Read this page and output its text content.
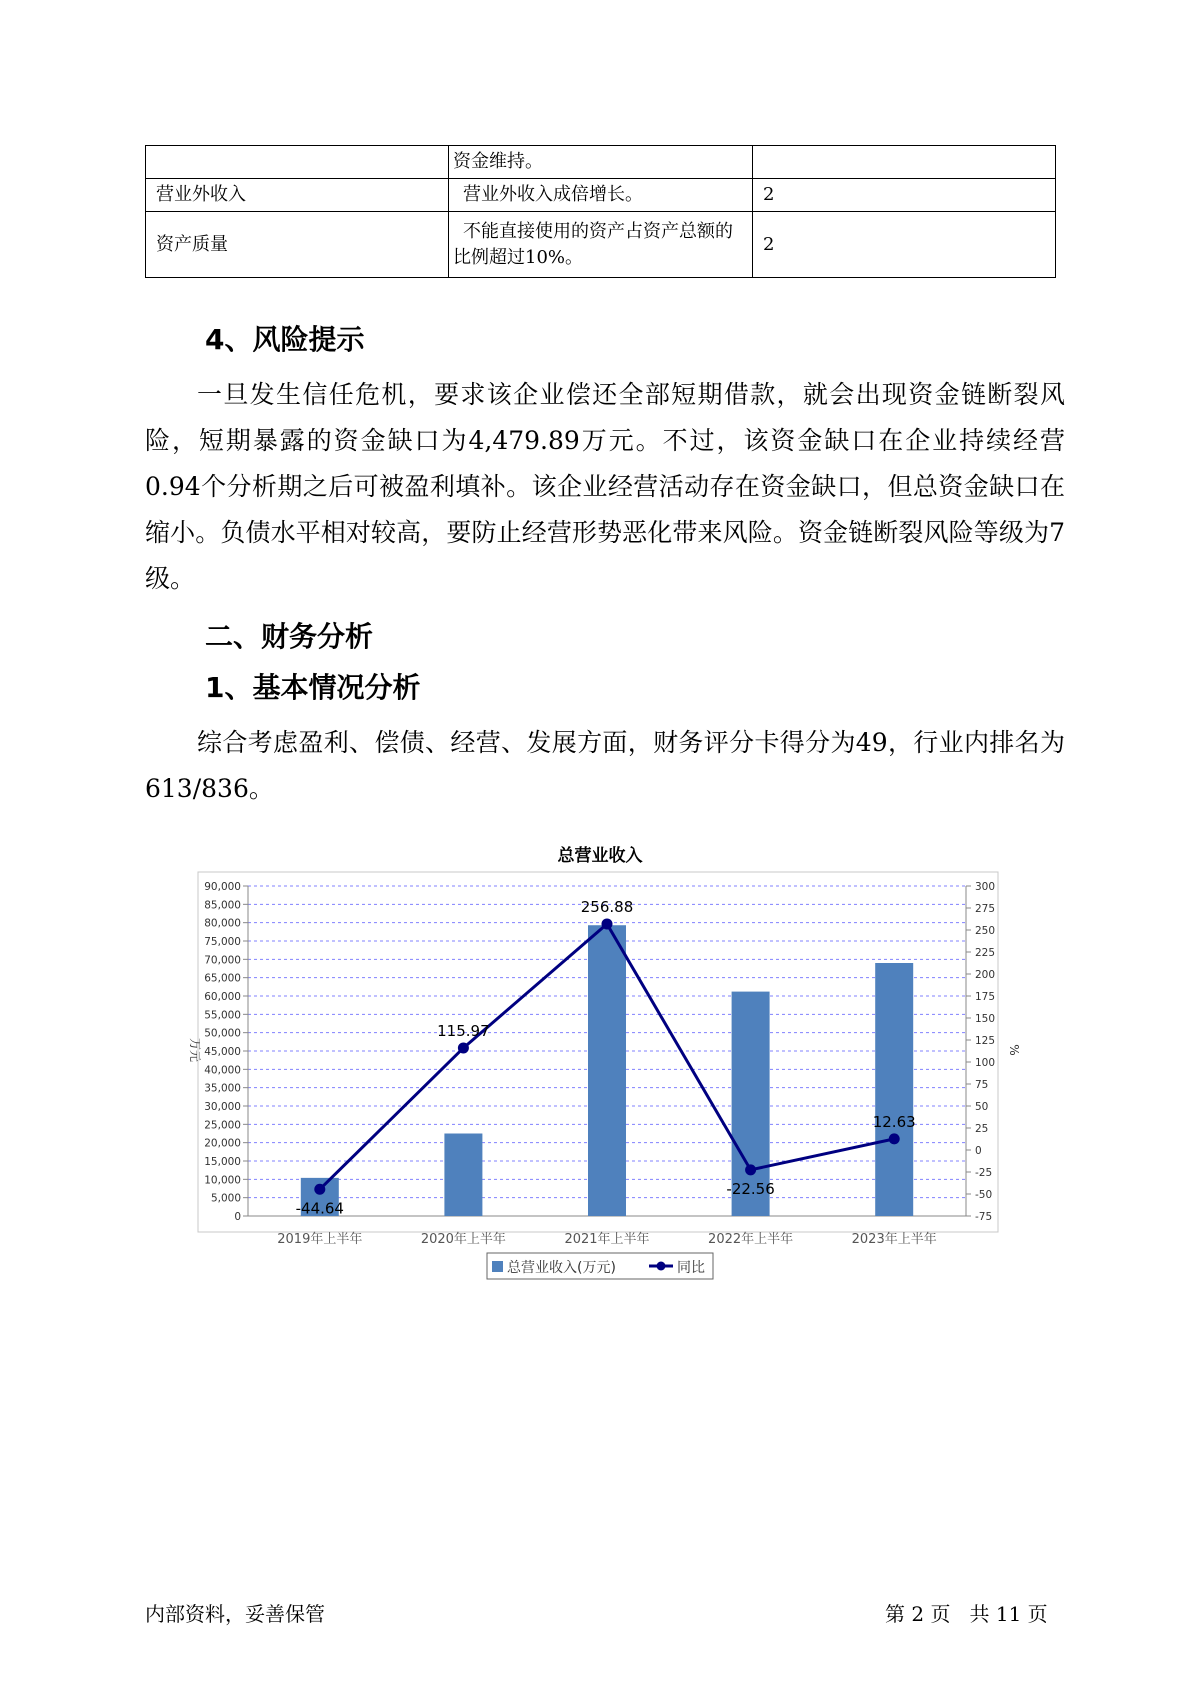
	资金维持。	
营业外收入	营业外收入成倍增长。	2
资产质量	不能直接使用的资产占资产总额的比例超过10%。	2
4、风险提示

一旦发生信任危机，要求该企业偿还全部短期借款，就会出现资金链断裂风险，短期暴露的资金缺口为4,479.89万元。不过，该资金缺口在企业持续经营 0.94个分析期之后可被盈利填补。该企业经营活动存在资金缺口，但总资金缺口在缩小。负债水平相对较高，要防止经营形势恶化带来风险。资金链断裂风险等级为7级。

二、财务分析
1、基本情况分析

综合考虑盈利、偿债、经营、发展方面，财务评分卡得分为49，行业内排名为613/836。

总营业收入
0
5,000
10,000
15,000
20,000
25,000
30,000
35,000
40,000
45,000
50,000
55,000
60,000
65,000
70,000
75,000
80,000
85,000
90,000
-75
-50
-25
0
25
50
75
100
125
150
175
200
225
250
275
300
万元	%
2019年上半年	2020年上半年	2021年上半年	2022年上半年	2023年上半年
-44.64
115.97
256.88
-22.56
12.63
总营业收入(万元)	同比
内部资料，妥善保管	第 2 页   共 11 页
